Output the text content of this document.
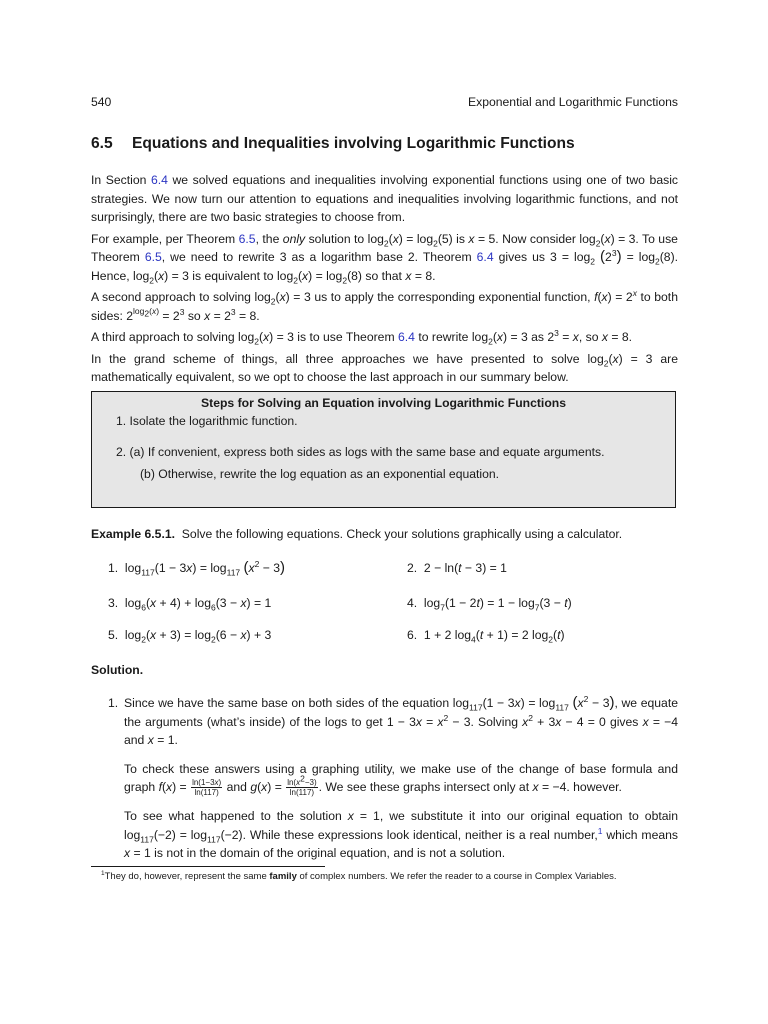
540	Exponential and Logarithmic Functions
6.5 Equations and Inequalities involving Logarithmic Functions

In Section 6.4 we solved equations and inequalities involving exponential functions using one of two basic strategies. We now turn our attention to equations and inequalities involving logarithmic functions, and not surprisingly, there are two basic strategies to choose from.

For example, per Theorem 6.5, the only solution to $\log_2(x) = \log_2(5)$ is x = 5. Now consider $\log_2(x) = 3$. To use Theorem 6.5, we need to rewrite 3 as a logarithm base 2. Theorem 6.4 gives us $3 = \log_2 (2^3) = \log_2(8)$. Hence, $\log_2(x) = 3$ is equivalent to $\log_2(x) = \log_2(8)$ so that x = 8.

A second approach to solving $\log_2(x) = 3$ us to apply the corresponding exponential function, $f(x) = 2^x$ to both sides: $2^{log_2(x)} = 2^3$ so $x = 2^3 = 8$.

A third approach to solving $\log_2(x) = 3$ is to use Theorem 6.4 to rewrite $\log_2(x) = 3$ as $2^3 = x$, so x = 8.

In the grand scheme of things, all three approaches we have presented to solve $\log_2(x) = 3$ are mathematically equivalent, so we opt to choose the last approach in our summary below.

Steps for Solving an Equation involving Logarithmic Functions
1. Isolate the logarithmic function.
2. (a) If convenient, express both sides as logs with the same base and equate arguments.
(b) Otherwise, rewrite the log equation as an exponential equation.
Example 6.5.1. Solve the following equations. Check your solutions graphically using a calculator.
1.  $\log_{117}(1 - 3x) = \log_{117} (x^2 - 3)$	2.  2 − ln(t − 3) = 1
3.  $\log_6(x + 4) + \log_6(3 - x) = 1$	4.  $\log_7(1 - 2t) = 1 - \log_7(3 - t)$
5.  $\log_2(x + 3) = \log_2(6 - x) + 3$	6.  1 + 2 $\log_4(t + 1) = 2$ $\log_2(t)$
Solution.
1. Since we have the same base on both sides of the equation $\log_{117}(1 - 3x) = \log_{117} (x^2 - 3)$, we equate the arguments (what’s inside) of the logs to get $1 - 3x = x^2 - 3$. Solving $x^2 + 3x - 4 = 0$ gives x = −4 and x = 1.

To check these answers using a graphing utility, we make use of the change of base formula and graph $f(x) = \frac{\ln(1-3x)}{\ln(117)}$ and $g(x) = \frac{\ln(x^2-3)}{\ln(117)}$ . We see these graphs intersect only at x = −4. however.

To see what happened to the solution x = 1, we substitute it into our original equation to obtain $\log_{117}(-2) = \log_{117}(-2)$. While these expressions look identical, neither is a real number,$^1$ which means x = 1 is not in the domain of the original equation, and is not a solution.

$^1$They do, however, represent the same family of complex numbers. We refer the reader to a course in Complex Variables.
